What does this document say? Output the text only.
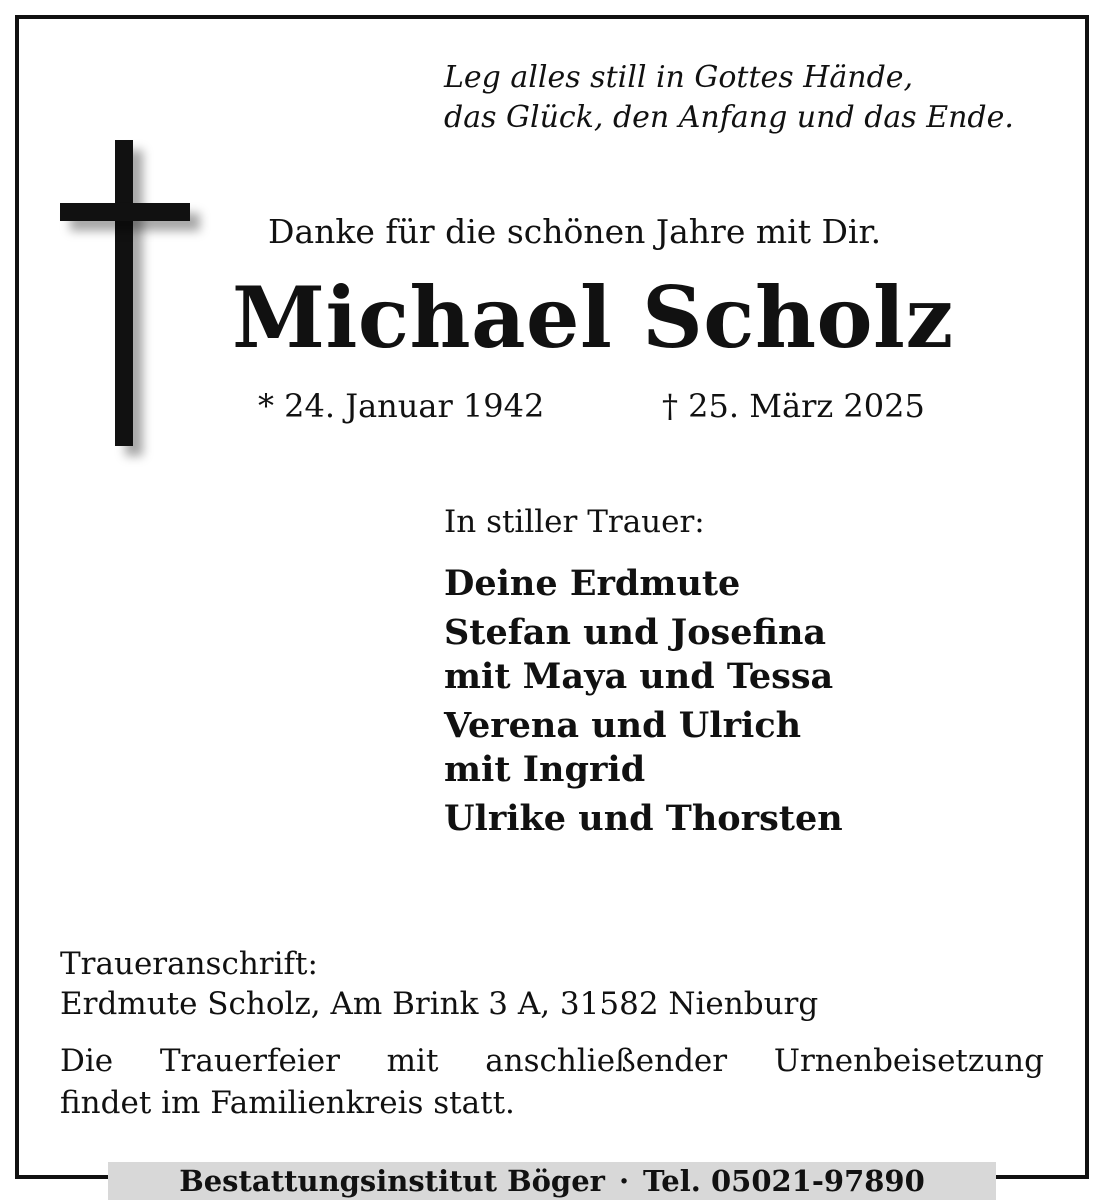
Leg alles still in Gottes Hände,
das Glück, den Anfang und das Ende.

Danke für die schönen Jahre mit Dir.

Michael Scholz
* 24. Januar 1942	† 25. März 2025
In stiller Trauer:
Deine Erdmute
Stefan und Josefina
mit Maya und Tessa
Verena und Ulrich
mit Ingrid
Ulrike und Thorsten
Traueranschrift:
Erdmute Scholz, Am Brink 3 A, 31582 Nienburg

Die Trauerfeier mit anschließender Urnenbeisetzung
findet im Familienkreis statt.

Bestattungsinstitut Böger · Tel. 05021-97890
